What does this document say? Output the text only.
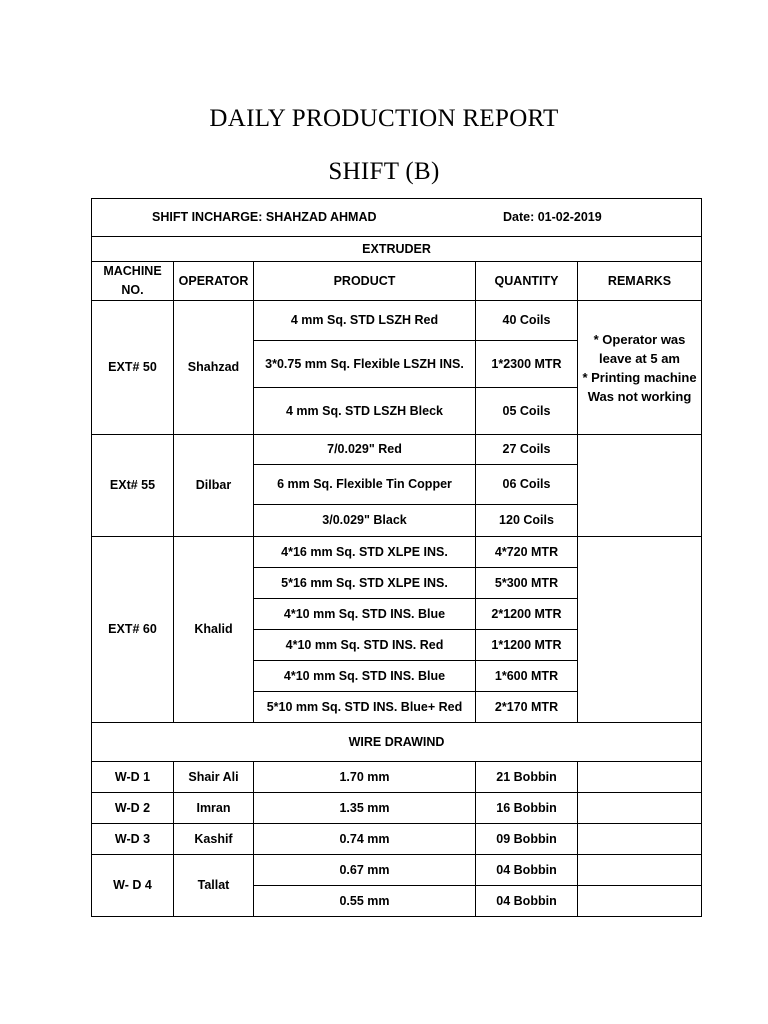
DAILY PRODUCTION REPORT
SHIFT (B)
SHIFT INCHARGE: SHAHZAD AHMAD Date: 01-02-2019				

EXTRUDER				
MACHINE NO.	OPERATOR	PRODUCT	QUANTITY	REMARKS
EXT# 50	Shahzad	4 mm Sq. STD LSZH Red	40 Coils	* Operator was leave at 5 am
* Printing machine Was not working

		3*0.75 mm Sq. Flexible LSZH INS.	1*2300 MTR	
		4 mm Sq. STD LSZH Bleck	05 Coils	
EXt# 55	Dilbar	7/0.029" Red	27 Coils	
		6 mm Sq. Flexible Tin Copper	06 Coils	
		3/0.029" Black	120 Coils	
EXT# 60	Khalid	4*16 mm Sq. STD XLPE INS.	4*720 MTR	
		5*16 mm Sq. STD XLPE INS.	5*300 MTR	
		4*10 mm Sq. STD INS. Blue	2*1200 MTR	
		4*10 mm Sq. STD INS. Red	1*1200 MTR	
		4*10 mm Sq. STD INS. Blue	1*600 MTR	
		5*10 mm Sq. STD INS. Blue+ Red	2*170 MTR	
WIRE DRAWIND				
W-D 1	Shair Ali	1.70 mm	21 Bobbin	
W-D 2	Imran	1.35 mm	16 Bobbin	
W-D 3	Kashif	0.74 mm	09 Bobbin	
W- D 4	Tallat	0.67 mm	04 Bobbin	
		0.55 mm	04 Bobbin	
